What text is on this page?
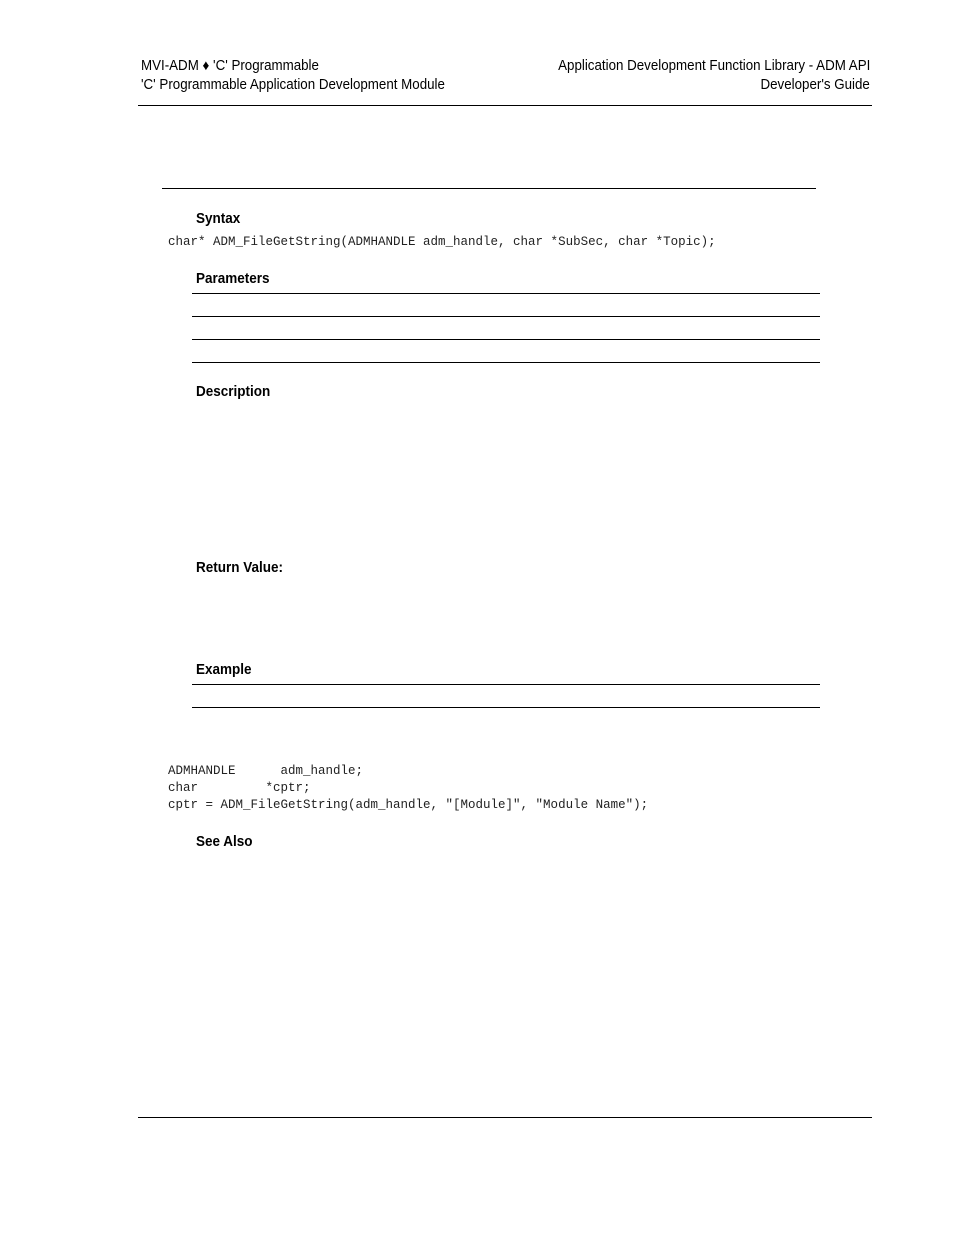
MVI-ADM ♦ 'C' Programmable
'C' Programmable Application Development Module
Application Development Function Library - ADM API
Developer's Guide
Syntax
char* ADM_FileGetString(ADMHANDLE adm_handle, char *SubSec, char *Topic);
Parameters
Description
Return Value:
Example
ADMHANDLE      adm_handle;
char         *cptr;
cptr = ADM_FileGetString(adm_handle, "[Module]", "Module Name");
See Also
